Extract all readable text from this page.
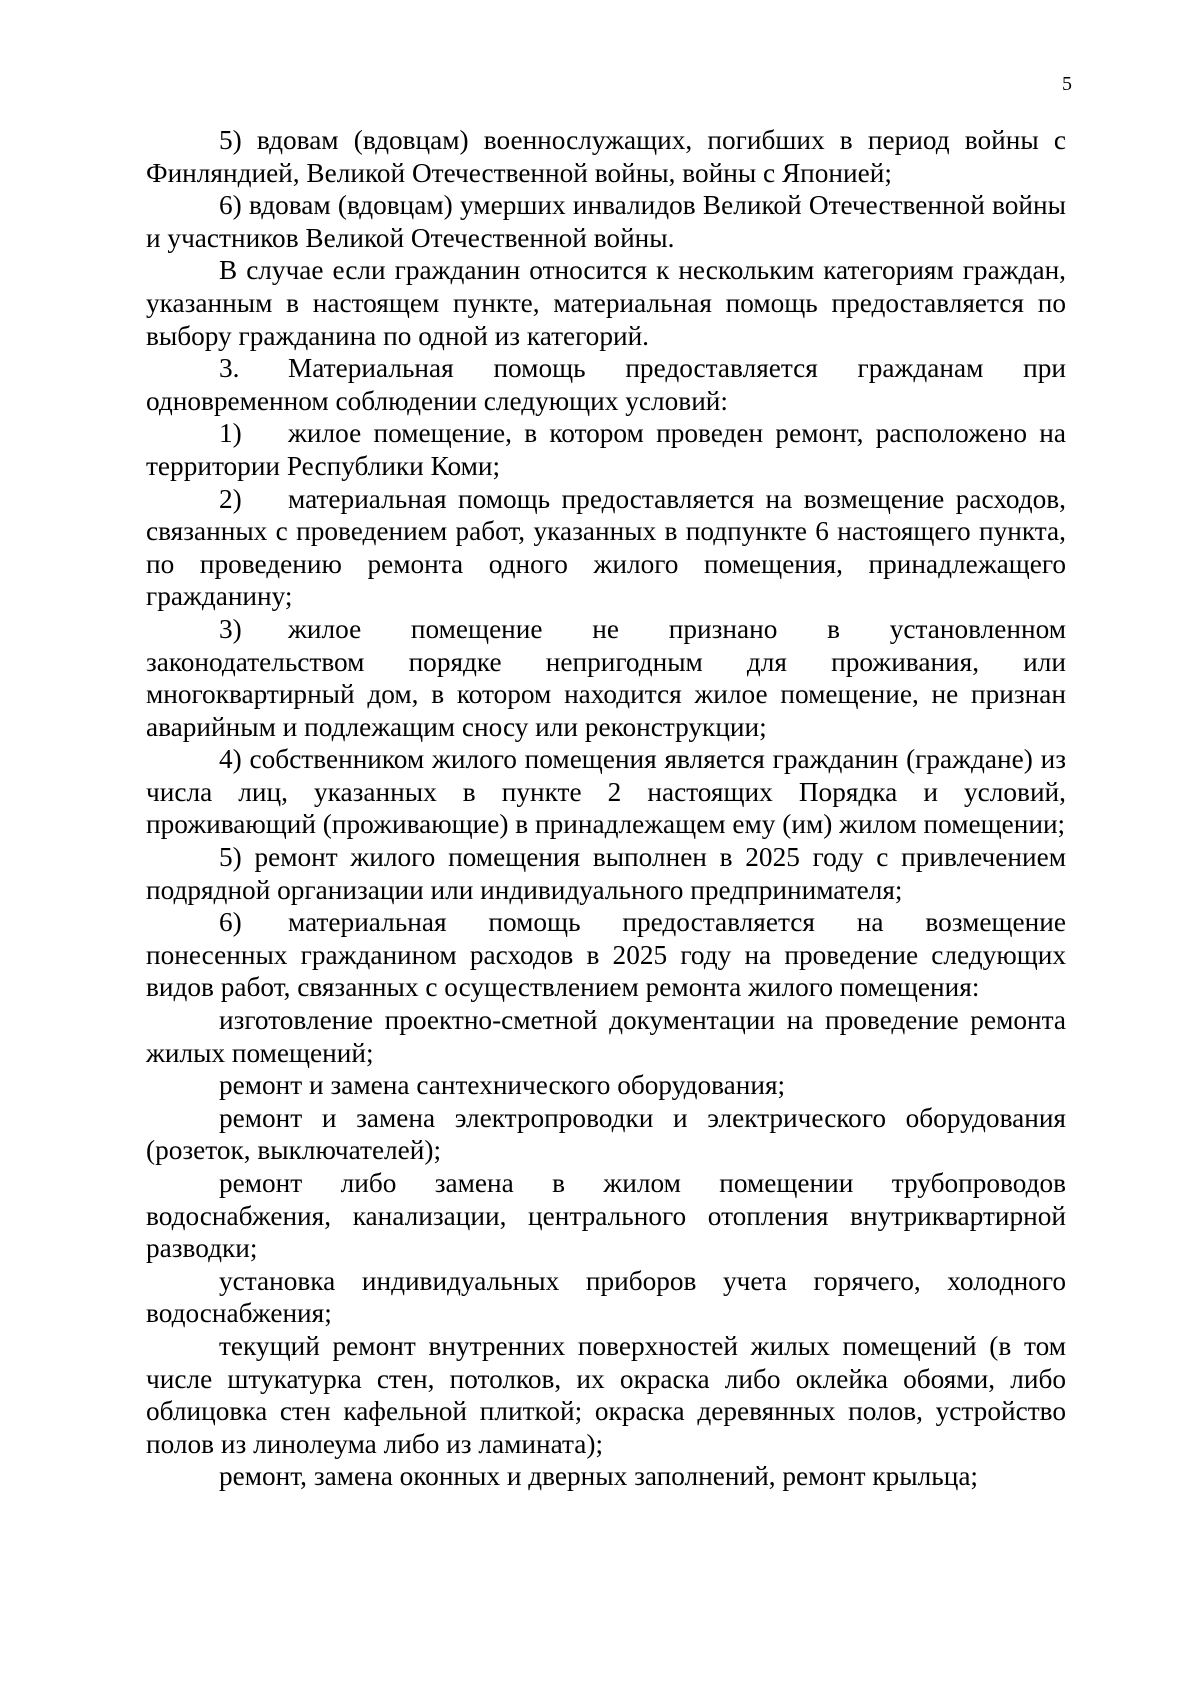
5

5) вдовам (вдовцам) военнослужащих, погибших в период войны с Финляндией, Великой Отечественной войны, войны с Японией;

6) вдовам (вдовцам) умерших инвалидов Великой Отечественной войны и участников Великой Отечественной войны.

В случае если гражданин относится к нескольким категориям граждан, указанным в настоящем пункте, материальная помощь предоставляется по выбору гражданина по одной из категорий.

3. Материальная помощь предоставляется гражданам при одновременном соблюдении следующих условий:

1) жилое помещение, в котором проведен ремонт, расположено на территории Республики Коми;

2) материальная помощь предоставляется на возмещение расходов, связанных с проведением работ, указанных в подпункте 6 настоящего пункта, по проведению ремонта одного жилого помещения, принадлежащего гражданину;

3) жилое помещение не признано в установленном законодательством порядке непригодным для проживания, или многоквартирный дом, в котором находится жилое помещение, не признан аварийным и подлежащим сносу или реконструкции;

4) собственником жилого помещения является гражданин (граждане) из числа лиц, указанных в пункте 2 настоящих Порядка и условий, проживающий (проживающие) в принадлежащем ему (им) жилом помещении;

5) ремонт жилого помещения выполнен в 2025 году с привлечением подрядной организации или индивидуального предпринимателя;

6) материальная помощь предоставляется на возмещение понесенных гражданином расходов в 2025 году на проведение следующих видов работ, связанных с осуществлением ремонта жилого помещения:

изготовление проектно-сметной документации на проведение ремонта жилых помещений;

ремонт и замена сантехнического оборудования;

ремонт и замена электропроводки и электрического оборудования (розеток, выключателей);

ремонт либо замена в жилом помещении трубопроводов водоснабжения, канализации, центрального отопления внутриквартирной разводки;

установка индивидуальных приборов учета горячего, холодного водоснабжения;

текущий ремонт внутренних поверхностей жилых помещений (в том числе штукатурка стен, потолков, их окраска либо оклейка обоями, либо облицовка стен кафельной плиткой; окраска деревянных полов, устройство полов из линолеума либо из ламината);

ремонт, замена оконных и дверных заполнений, ремонт крыльца;
